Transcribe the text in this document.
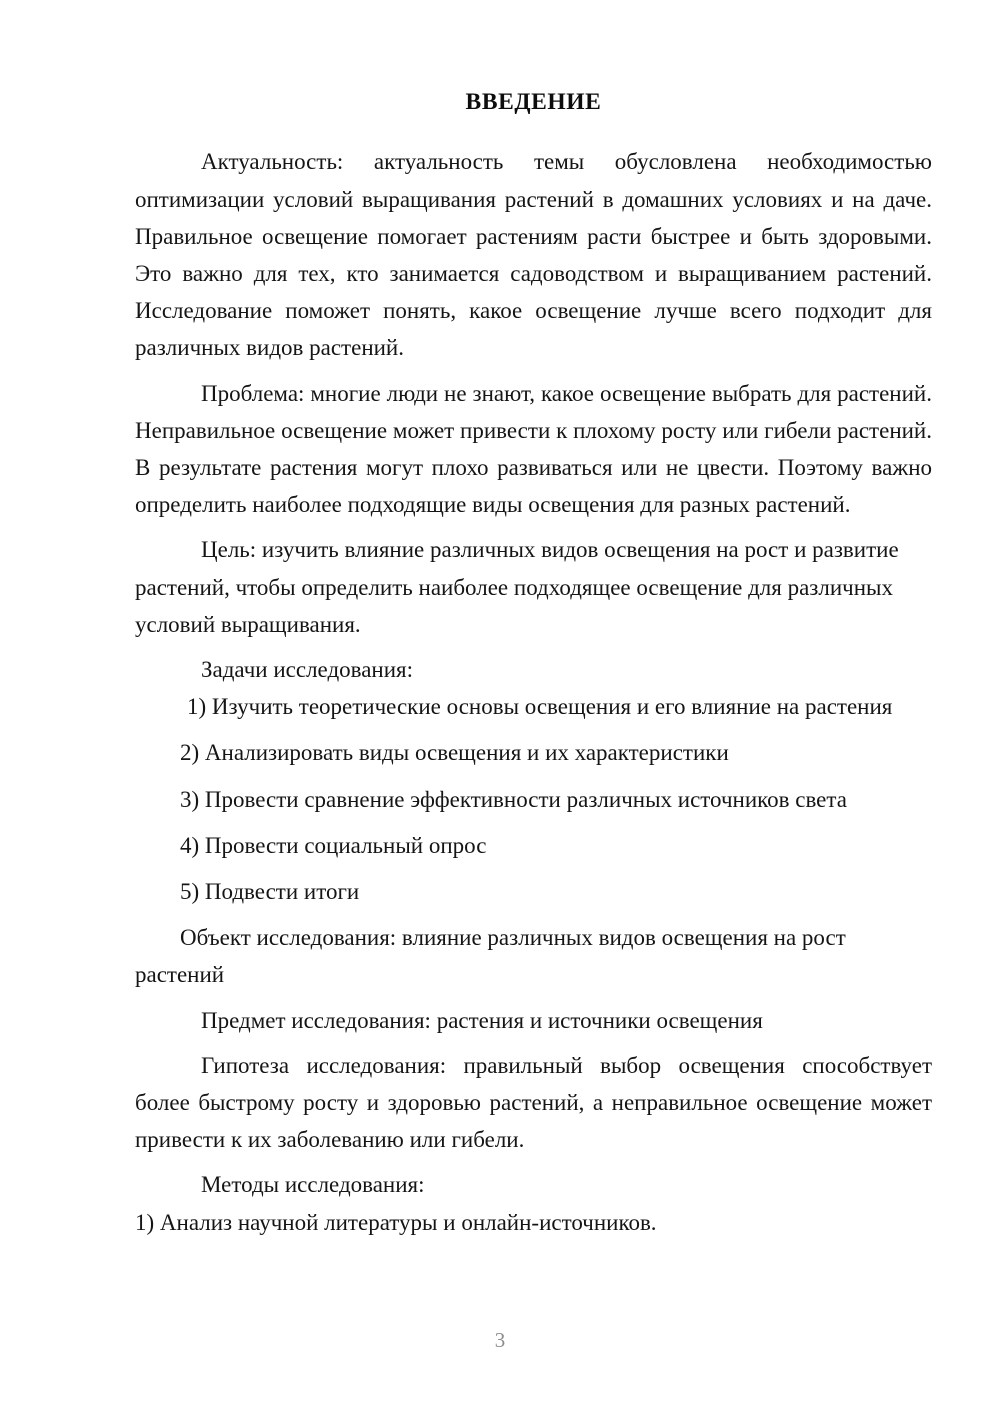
ВВЕДЕНИЕ

Актуальность: актуальность темы обусловлена необходимостью оптимизации условий выращивания растений в домашних условиях и на даче. Правильное освещение помогает растениям расти быстрее и быть здоровыми. Это важно для тех, кто занимается садоводством и выращиванием растений. Исследование поможет понять, какое освещение лучше всего подходит для различных видов растений.

Проблема: многие люди не знают, какое освещение выбрать для растений. Неправильное освещение может привести к плохому росту или гибели растений. В результате растения могут плохо развиваться или не цвести. Поэтому важно определить наиболее подходящие виды освещения для разных растений.

Цель: изучить влияние различных видов освещения на рост и развитие растений, чтобы определить наиболее подходящее освещение для различных условий выращивания.

Задачи исследования:

1) Изучить теоретические основы освещения и его влияние на растения

2) Анализировать виды освещения и их характеристики

3) Провести сравнение эффективности различных источников света

4) Провести социальный опрос

5) Подвести итоги

Объект исследования: влияние различных видов освещения на рост растений

Предмет исследования: растения и источники освещения

Гипотеза исследования: правильный выбор освещения способствует более быстрому росту и здоровью растений, а неправильное освещение может привести к их заболеванию или гибели.

Методы исследования:

1) Анализ научной литературы и онлайн-источников.

3
